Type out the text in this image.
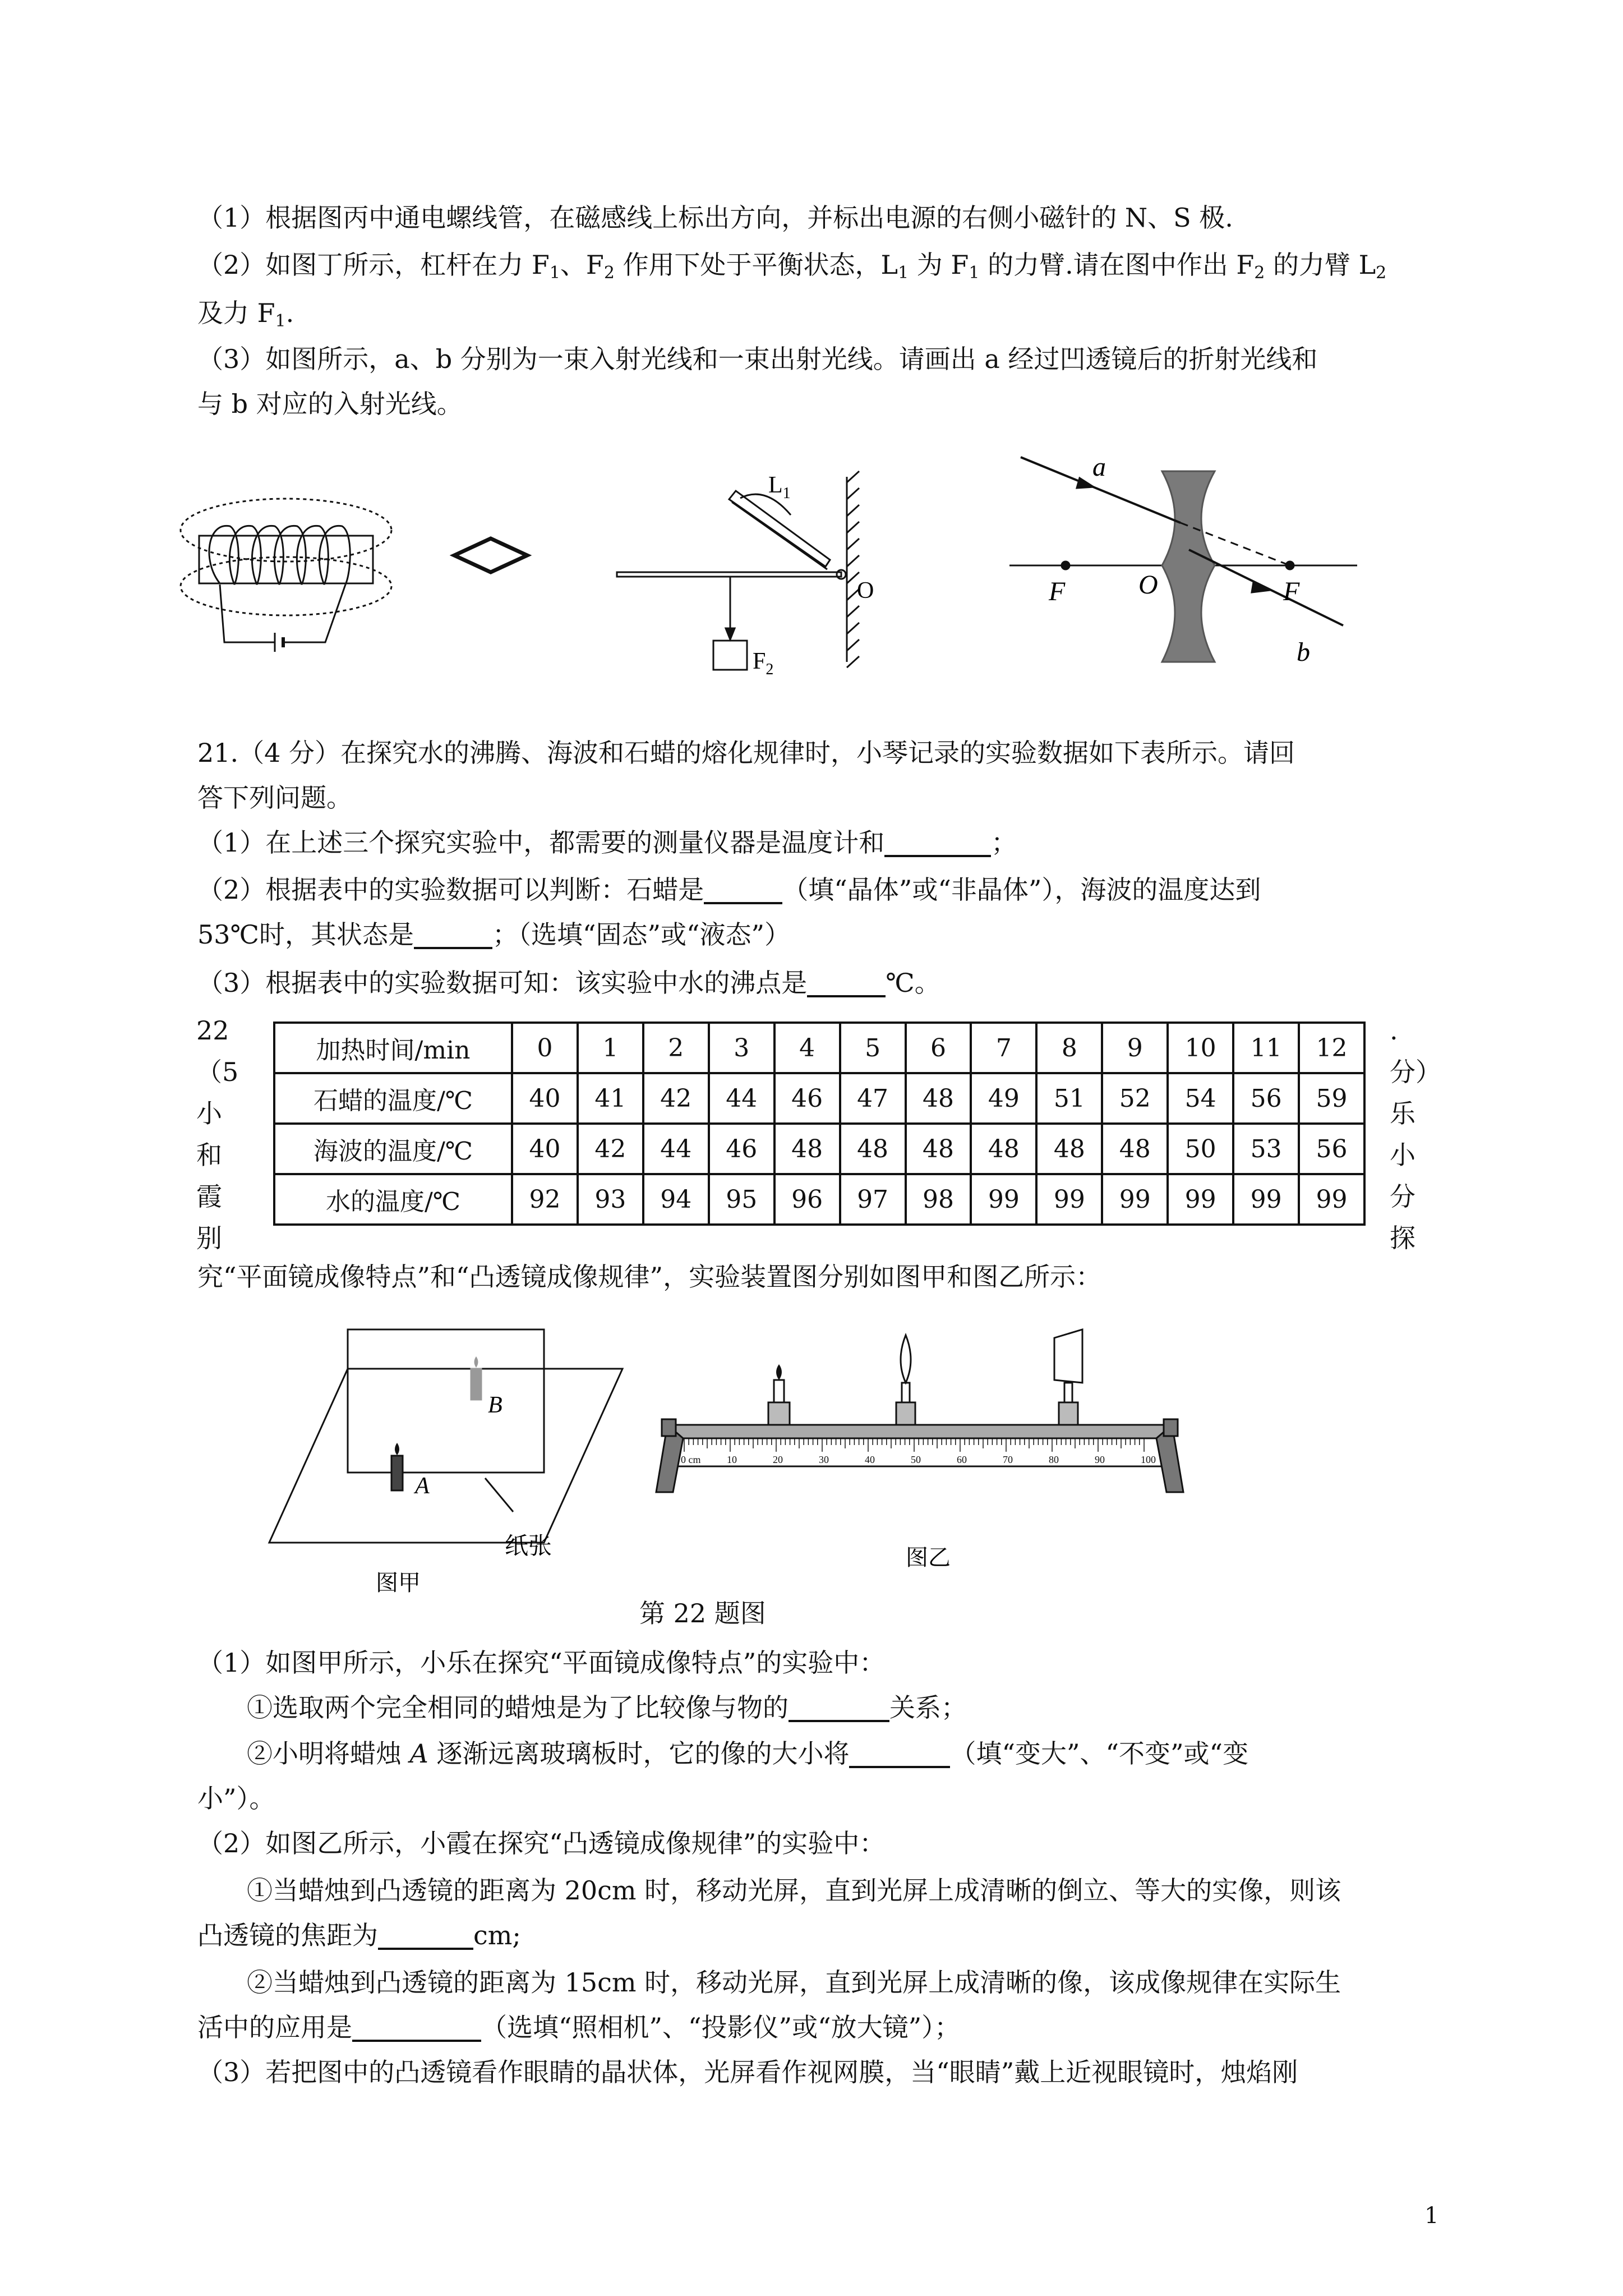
（1）根据图丙中通电螺线管，在磁感线上标出方向，并标出电源的右侧小磁针的 N、S 极.
（2）如图丁所示，杠杆在力 $F_1$、$F_2$ 作用下处于平衡状态，$L_1$ 为 $F_1$ 的力臂.请在图中作出 $F_2$ 的力臂 $L_2$
及力 $F_1$.
（3）如图所示，a、b 分别为一束入射光线和一束出射光线。请画出 a 经过凹透镜后的折射光线和
与 b 对应的入射光线。
$L_1$
O
$F_2$
a
F	O	F
b
21.（4 分）在探究水的沸腾、海波和石蜡的熔化规律时，小琴记录的实验数据如下表所示。请回
答下列问题。
（1）在上述三个探究实验中，都需要的测量仪器是温度计和	；
（2）根据表中的实验数据可以判断：石蜡是	（填“晶体”或“非晶体”），海波的温度达到
53℃时，其状态是	；（选填“固态”或“液态”）
（3）根据表中的实验数据可知：该实验中水的沸点是	℃。
加热时间/min	0	1	2	3	4	5	6	7	8	9	10	11	12
石蜡的温度/℃	40	41	42	44	46	47	48	49	51	52	54	56	59
海波的温度/℃	40	42	44	46	48	48	48	48	48	48	50	53	56
水的温度/℃	92	93	94	95	96	97	98	99	99	99	99	99	99
22
（5
小
和
霞
别
.
分）
乐
小
分
探
究“平面镜成像特点”和“凸透镜成像规律”，实验装置图分别如图甲和图乙所示：
B
A
纸张
图甲
0 cm	10	20	30	40	50	60	70	80	90	100
图乙
第 22 题图
（1）如图甲所示，小乐在探究“平面镜成像特点”的实验中：
①选取两个完全相同的蜡烛是为了比较像与物的	关系；
②小明将蜡烛 A 逐渐远离玻璃板时，它的像的大小将	（填“变大”、“不变”或“变
小”）。
（2）如图乙所示，小霞在探究“凸透镜成像规律”的实验中：
①当蜡烛到凸透镜的距离为 20cm 时，移动光屏，直到光屏上成清晰的倒立、等大的实像，则该
凸透镜的焦距为	cm;
②当蜡烛到凸透镜的距离为 15cm 时，移动光屏，直到光屏上成清晰的像，该成像规律在实际生
活中的应用是	（选填“照相机”、“投影仪”或“放大镜”）；
（3）若把图中的凸透镜看作眼睛的晶状体，光屏看作视网膜，当“眼睛”戴上近视眼镜时，烛焰刚
1
